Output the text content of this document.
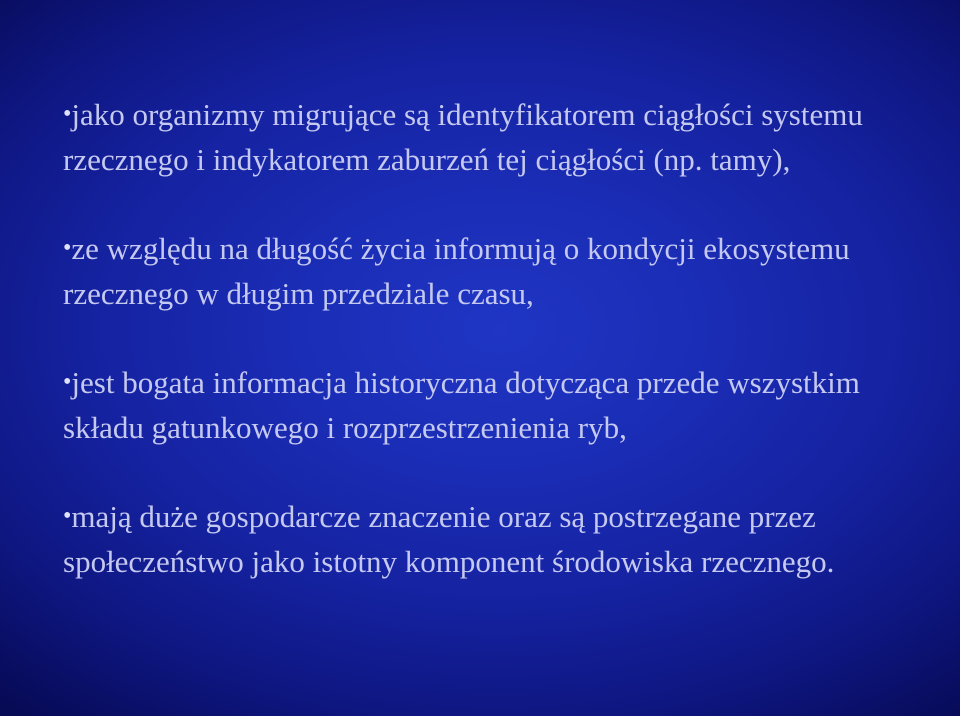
•jako organizmy migrujące są identyfikatorem ciągłości systemu rzecznego i indykatorem zaburzeń tej ciągłości (np. tamy),

•ze względu na długość życia informują o kondycji ekosystemu rzecznego w długim przedziale czasu,

•jest bogata informacja historyczna dotycząca przede wszystkim składu gatunkowego i rozprzestrzenienia ryb,

•mają duże gospodarcze znaczenie oraz są postrzegane przez społeczeństwo jako istotny komponent środowiska rzecznego.
